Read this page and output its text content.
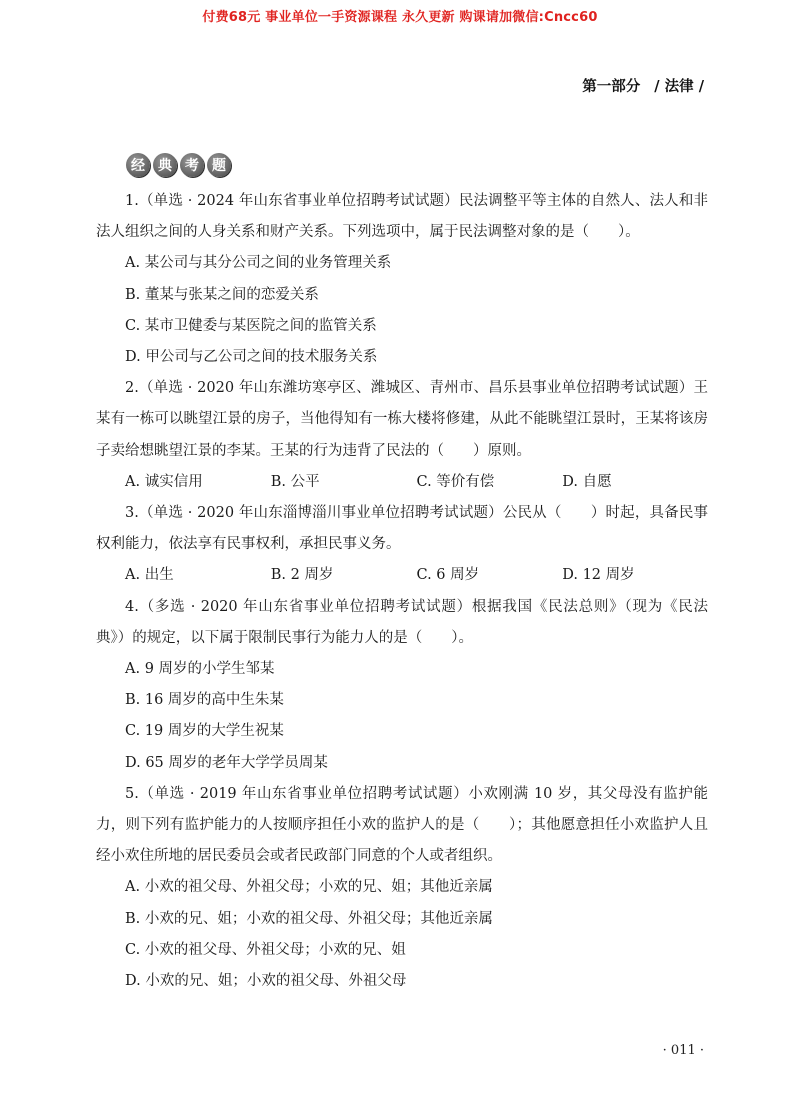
付费68元 事业单位一手资源课程 永久更新 购课请加微信:Cncc60
第一部分 / 法律 /
经 典 考 题

1.（单选 · 2024 年山东省事业单位招聘考试试题）民法调整平等主体的自然人、法人和非法人组织之间的人身关系和财产关系。下列选项中，属于民法调整对象的是（　　）。

A. 某公司与其分公司之间的业务管理关系

B. 董某与张某之间的恋爱关系

C. 某市卫健委与某医院之间的监管关系

D. 甲公司与乙公司之间的技术服务关系

2.（单选 · 2020 年山东潍坊寒亭区、潍城区、青州市、昌乐县事业单位招聘考试试题）王某有一栋可以眺望江景的房子，当他得知有一栋大楼将修建，从此不能眺望江景时，王某将该房子卖给想眺望江景的李某。王某的行为违背了民法的（　　）原则。

A. 诚实信用	B. 公平	C. 等价有偿	D. 自愿

3.（单选 · 2020 年山东淄博淄川事业单位招聘考试试题）公民从（　　）时起，具备民事权利能力，依法享有民事权利，承担民事义务。

A. 出生	B. 2 周岁	C. 6 周岁	D. 12 周岁

4.（多选 · 2020 年山东省事业单位招聘考试试题）根据我国《民法总则》（现为《民法典》）的规定，以下属于限制民事行为能力人的是（　　）。

A. 9 周岁的小学生邹某

B. 16 周岁的高中生朱某

C. 19 周岁的大学生祝某

D. 65 周岁的老年大学学员周某

5.（单选 · 2019 年山东省事业单位招聘考试试题）小欢刚满 10 岁，其父母没有监护能力，则下列有监护能力的人按顺序担任小欢的监护人的是（　　）；其他愿意担任小欢监护人且经小欢住所地的居民委员会或者民政部门同意的个人或者组织。

A. 小欢的祖父母、外祖父母；小欢的兄、姐；其他近亲属

B. 小欢的兄、姐；小欢的祖父母、外祖父母；其他近亲属

C. 小欢的祖父母、外祖父母；小欢的兄、姐

D. 小欢的兄、姐；小欢的祖父母、外祖父母

· 011 ·
